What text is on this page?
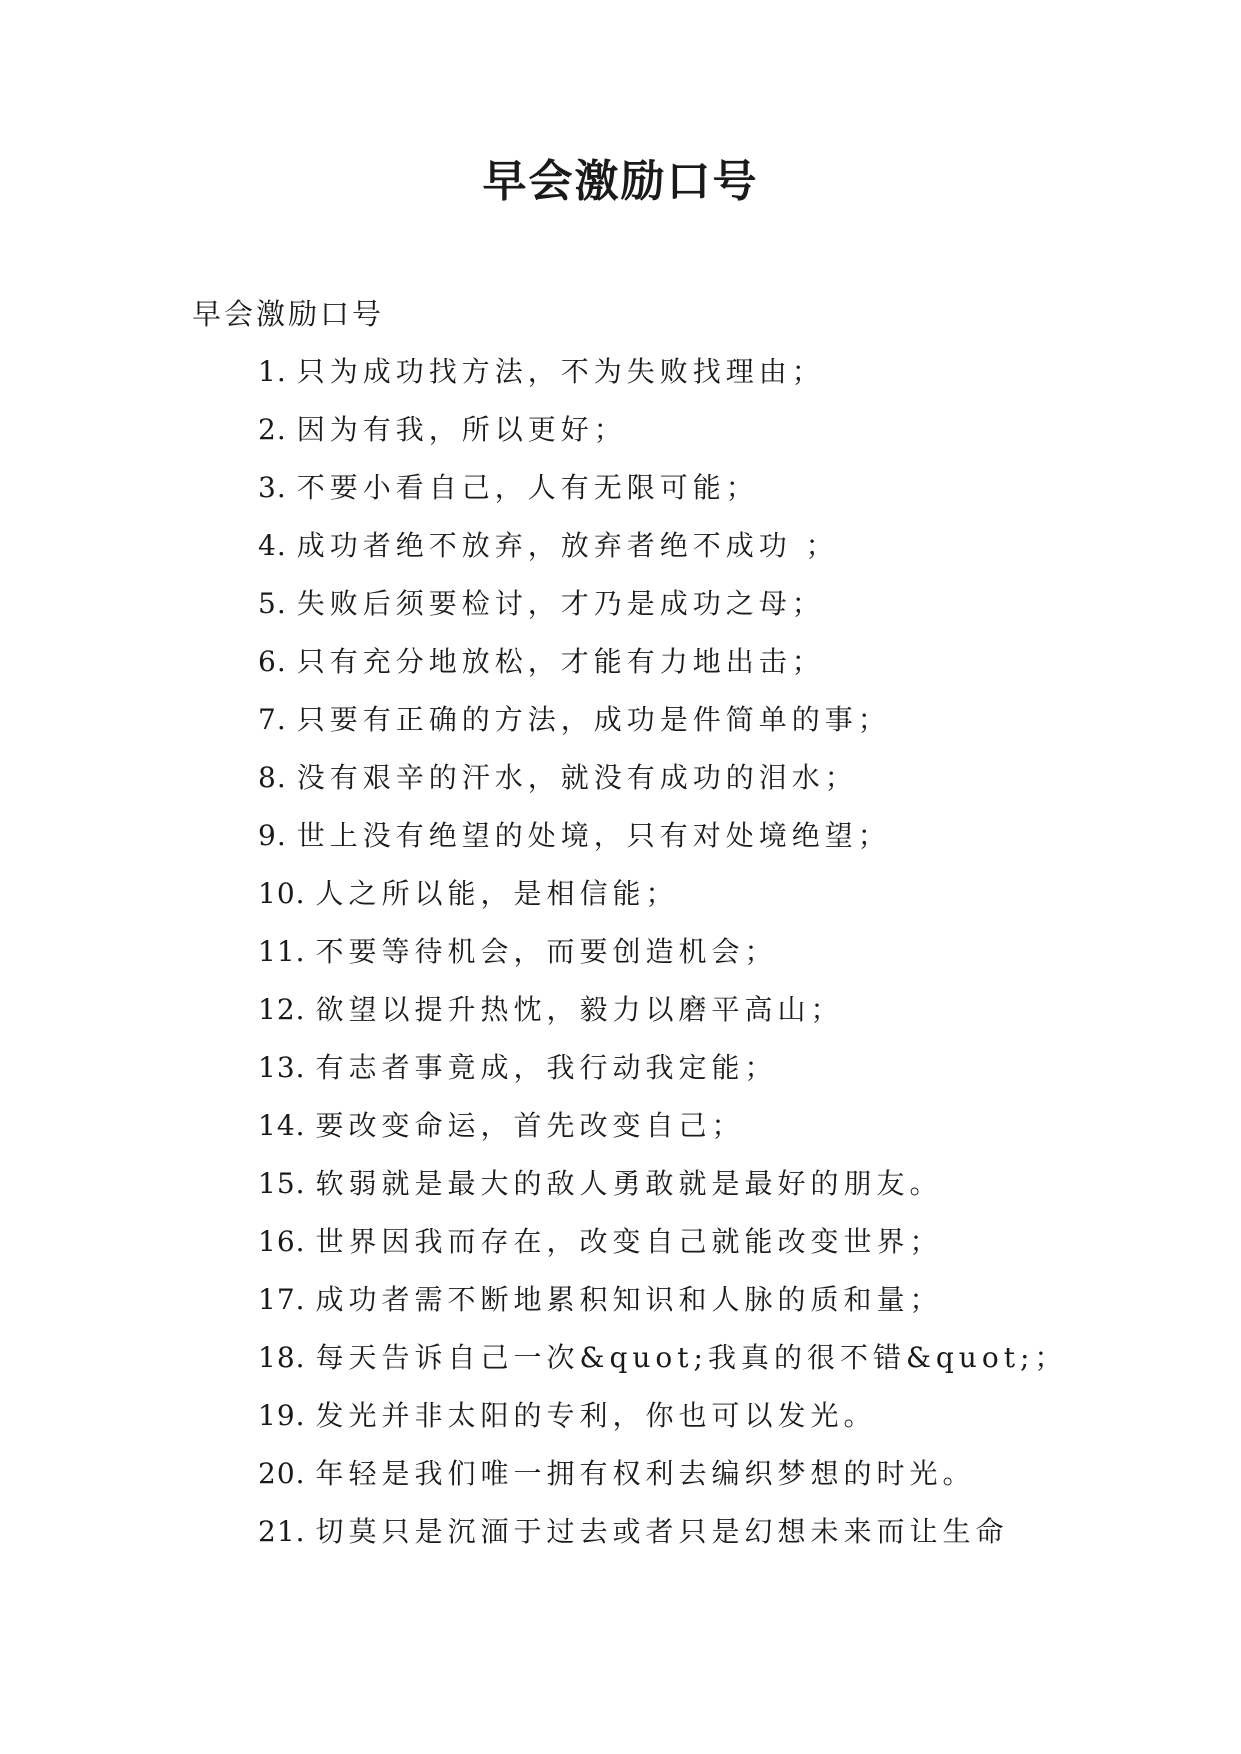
早会激励口号
早会激励口号
1. 只为成功找方法，不为失败找理由；
2. 因为有我，所以更好；
3. 不要小看自己，人有无限可能；
4. 成功者绝不放弃，放弃者绝不成功 ；
5. 失败后须要检讨，才乃是成功之母；
6. 只有充分地放松，才能有力地出击；
7. 只要有正确的方法，成功是件简单的事；
8. 没有艰辛的汗水，就没有成功的泪水；
9. 世上没有绝望的处境，只有对处境绝望；
10. 人之所以能，是相信能；
11. 不要等待机会，而要创造机会；
12. 欲望以提升热忱，毅力以磨平高山；
13. 有志者事竟成，我行动我定能；
14. 要改变命运，首先改变自己；
15. 软弱就是最大的敌人勇敢就是最好的朋友。
16. 世界因我而存在，改变自己就能改变世界；
17. 成功者需不断地累积知识和人脉的质和量；
18. 每天告诉自己一次&quot;我真的很不错&quot;；
19. 发光并非太阳的专利，你也可以发光。
20. 年轻是我们唯一拥有权利去编织梦想的时光。
21. 切莫只是沉湎于过去或者只是幻想未来而让生命
